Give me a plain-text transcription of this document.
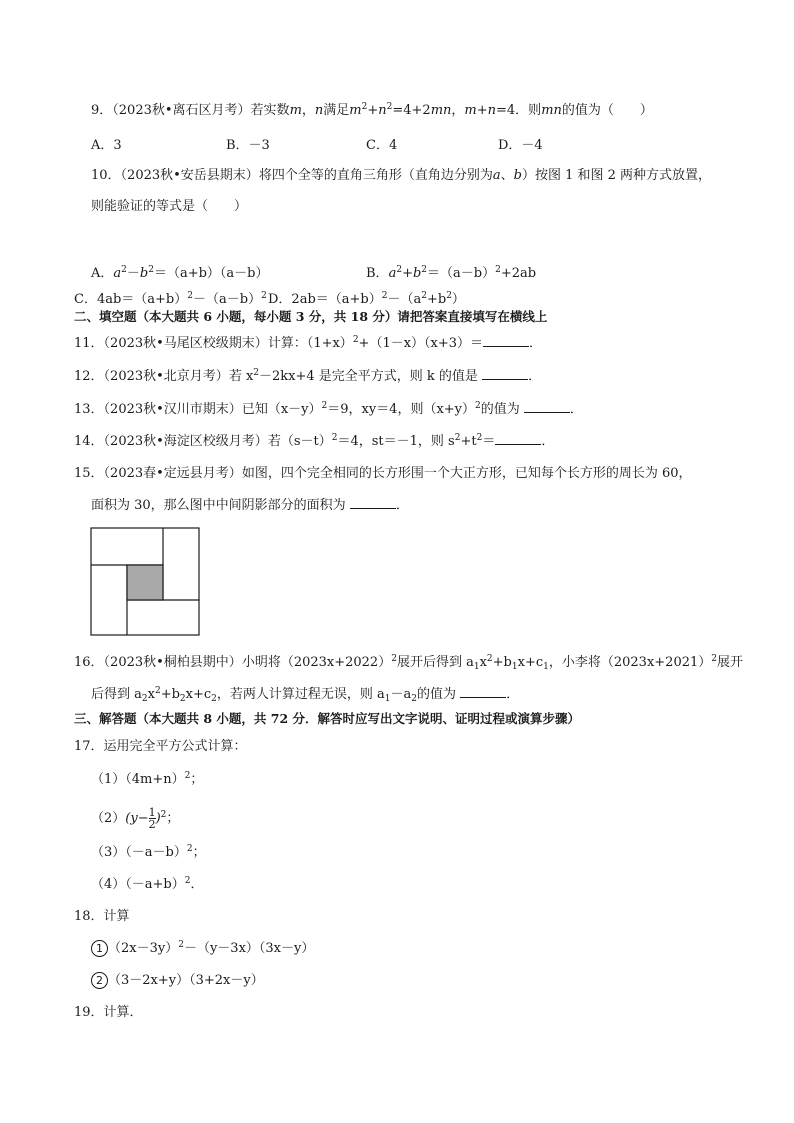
9．（2023秋•离石区月考）若实数m，n满足$m^2+n^2=4+2mn$，m+n=4．则mn的值为（　　）
A．3	B．－3	C．4	D．－4
10．（2023秋•安岳县期末）将四个全等的直角三角形（直角边分别为a、b）按图 1 和图 2 两种方式放置，
则能验证的等式是（　　）
A．$a^2-b^2=(a+b)(a-b)$	B．$a^2+b^2=(a-b)^2+2ab$
C．$4ab=(a+b)^2-(a-b)^2$ D．$2ab=(a+b)^2-(a^2+b^2)$
二、填空题（本大题共 6 小题，每小题 3 分，共 18 分）请把答案直接填写在横线上
11．（2023秋•马尾区校级期末）计算：$(1+x)^2+(1-x)(x+3)=$	．
12．（2023秋•北京月考）若 $x^2-2kx+4$ 是完全平方式，则 k 的值是	．
13．（2023秋•汉川市期末）已知$(x-y)^2=9$，xy＝4，则$(x+y)^2$的值为	．
14．（2023秋•海淀区校级月考）若$(s-t)^2=4$，st＝－1，则 $s^2+t^2=$	．
15．（2023春•定远县月考）如图，四个完全相同的长方形围一个大正方形，已知每个长方形的周长为 60，
面积为 30，那么图中中间阴影部分的面积为	．
16．（2023秋•桐柏县期中）小明将$(2023x+2022)^2$展开后得到 $a_1x^2+b_1x+c_1$，小李将$(2023x+2021)^2$展开
后得到 $a_2x^2+b_2x+c_2$，若两人计算过程无误，则 $a_1-a_2$的值为	．
三、解答题（本大题共 8 小题，共 72 分．解答时应写出文字说明、证明过程或演算步骤）
17．运用完全平方公式计算：
$(1)(4m+n)^2$；
$(2)(y- \frac{1}{2} )^2$；
$(3)(-a-b)^2$；
$(4)(-a+b)^2$．
18．计算
1 $(2x-3y)^2-(y-3x)(3x-y)$
2 （3－2x+y）（3+2x－y）
19．计算．
